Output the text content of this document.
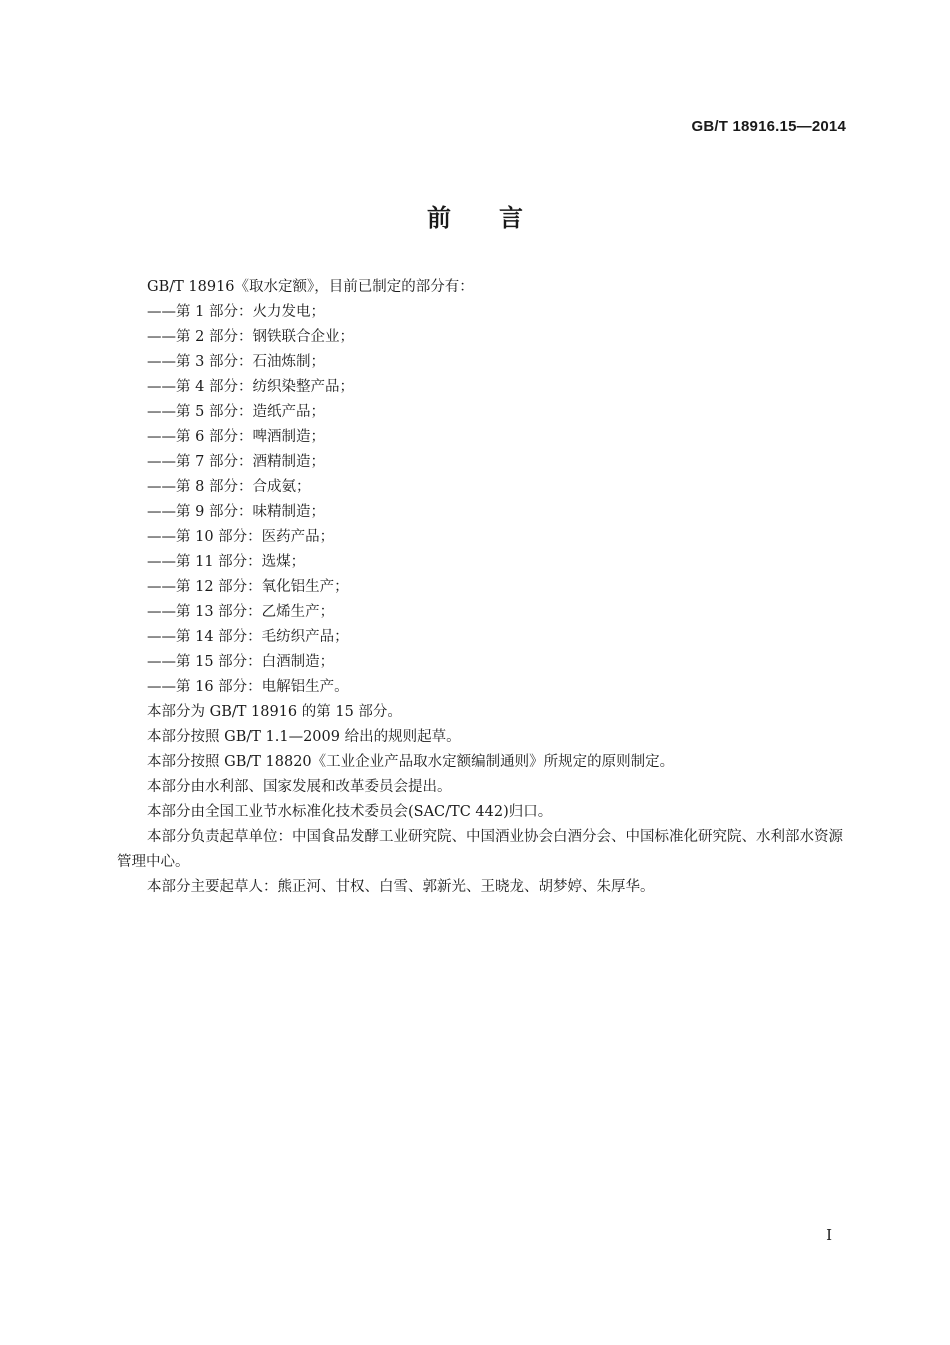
GB/T 18916.15—2014
前 言

GB/T 18916《取水定额》，目前已制定的部分有：

——第 1 部分：火力发电；

——第 2 部分：钢铁联合企业；

——第 3 部分：石油炼制；

——第 4 部分：纺织染整产品；

——第 5 部分：造纸产品；

——第 6 部分：啤酒制造；

——第 7 部分：酒精制造；

——第 8 部分：合成氨；

——第 9 部分：味精制造；

——第 10 部分：医药产品；

——第 11 部分：选煤；

——第 12 部分：氧化铝生产；

——第 13 部分：乙烯生产；

——第 14 部分：毛纺织产品；

——第 15 部分：白酒制造；

——第 16 部分：电解铝生产。

本部分为 GB/T 18916 的第 15 部分。

本部分按照 GB/T 1.1—2009 给出的规则起草。

本部分按照 GB/T 18820《工业企业产品取水定额编制通则》所规定的原则制定。

本部分由水利部、国家发展和改革委员会提出。

本部分由全国工业节水标准化技术委员会(SAC/TC 442)归口。

本部分负责起草单位：中国食品发酵工业研究院、中国酒业协会白酒分会、中国标准化研究院、水利部水资源管理中心。

本部分主要起草人：熊正河、甘权、白雪、郭新光、王晓龙、胡梦婷、朱厚华。

I
